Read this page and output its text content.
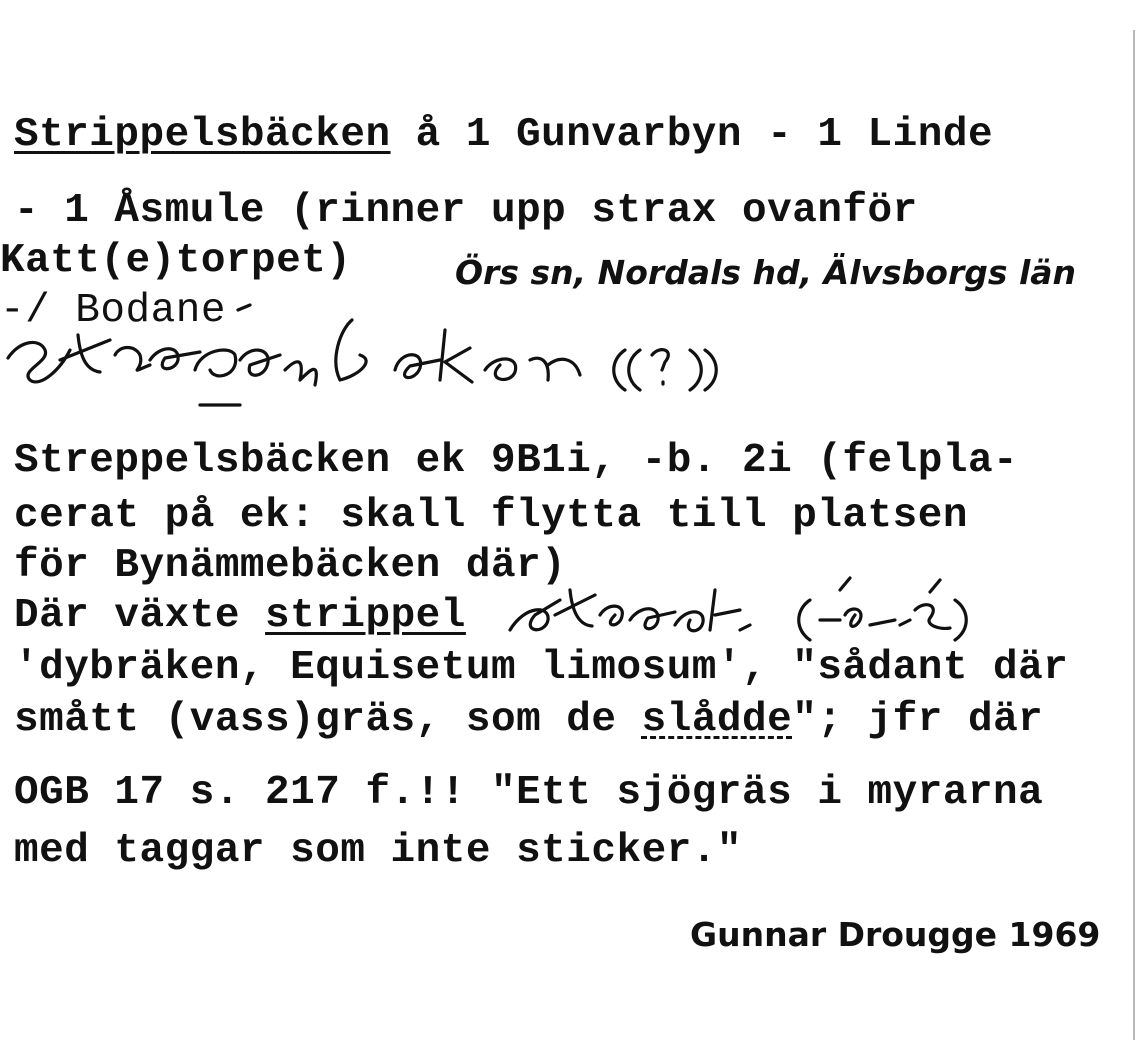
Strippelsbäcken å 1 Gunvarbyn - 1 Linde
- 1 Åsmule (rinner upp strax ovanför
Katt(e)torpet)	Örs sn, Nordals hd, Älvsborgs län
-/ Bodane
Streppelsbäcken ek 9B1i, -b. 2i (felpla-
cerat på ek: skall flytta till platsen
för Bynämmebäcken där)
Där växte strippel
'dybräken, Equisetum limosum', "sådant där
smått (vass)gräs, som de slådde"; jfr där
OGB 17 s. 217 f.!! "Ett sjögräs i myrarna
med taggar som inte sticker."
Gunnar Drougge 1969
